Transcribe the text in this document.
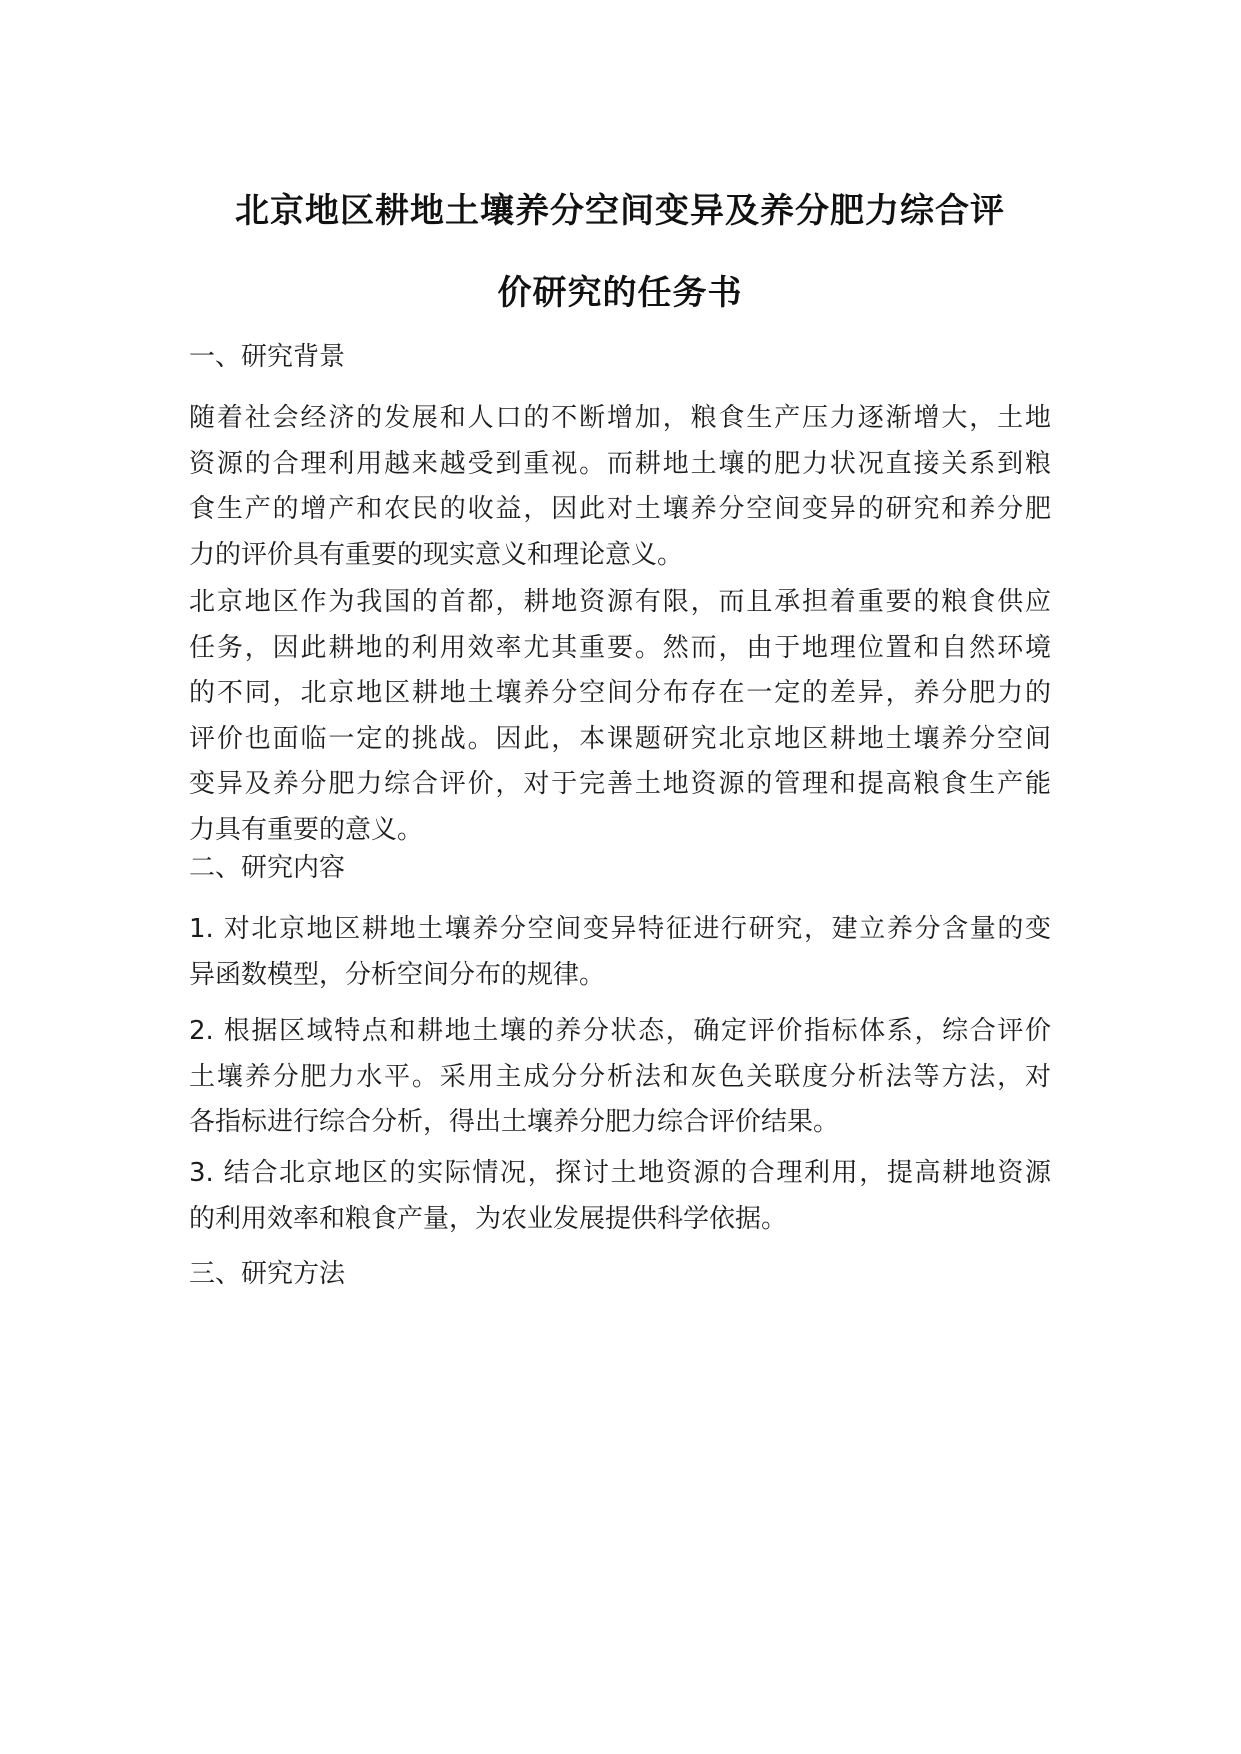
北京地区耕地土壤养分空间变异及养分肥力综合评
价研究的任务书

一、研究背景

随着社会经济的发展和人口的不断增加，粮食生产压力逐渐增大，土地
资源的合理利用越来越受到重视。而耕地土壤的肥力状况直接关系到粮
食生产的增产和农民的收益，因此对土壤养分空间变异的研究和养分肥
力的评价具有重要的现实意义和理论意义。

北京地区作为我国的首都，耕地资源有限，而且承担着重要的粮食供应
任务，因此耕地的利用效率尤其重要。然而，由于地理位置和自然环境
的不同，北京地区耕地土壤养分空间分布存在一定的差异，养分肥力的
评价也面临一定的挑战。因此，本课题研究北京地区耕地土壤养分空间
变异及养分肥力综合评价，对于完善土地资源的管理和提高粮食生产能
力具有重要的意义。

二、研究内容

1. 对北京地区耕地土壤养分空间变异特征进行研究，建立养分含量的变
异函数模型，分析空间分布的规律。

2. 根据区域特点和耕地土壤的养分状态，确定评价指标体系，综合评价
土壤养分肥力水平。采用主成分分析法和灰色关联度分析法等方法，对
各指标进行综合分析，得出土壤养分肥力综合评价结果。

3. 结合北京地区的实际情况，探讨土地资源的合理利用，提高耕地资源
的利用效率和粮食产量，为农业发展提供科学依据。

三、研究方法
